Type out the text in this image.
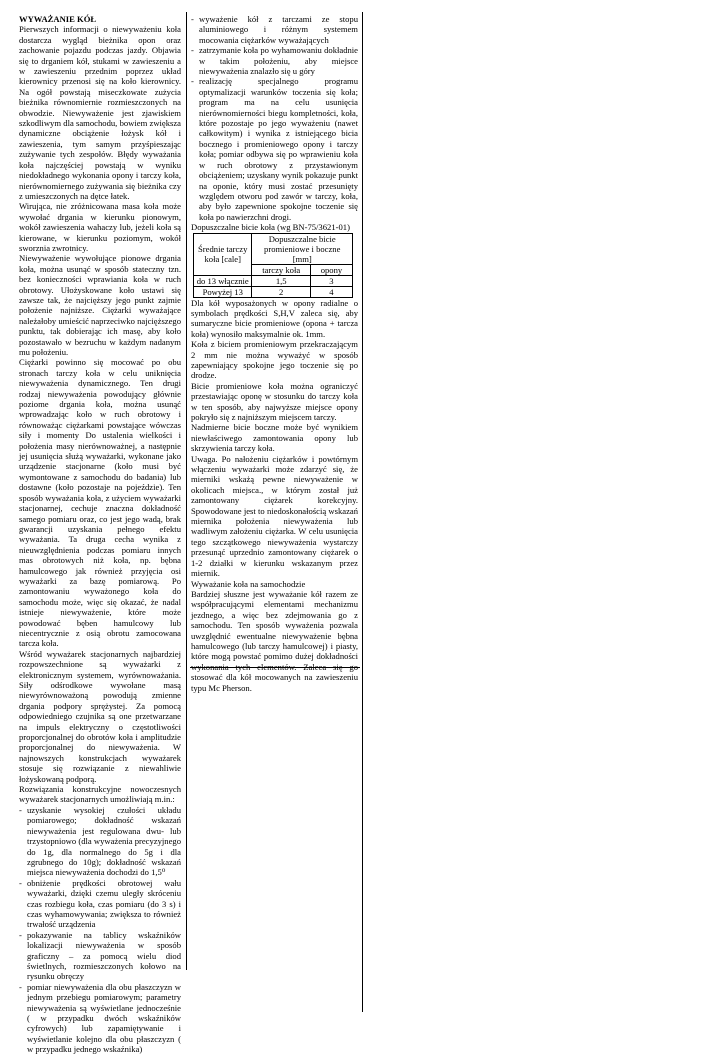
WYWAŻANIE KÓŁ

Pierwszych informacji o niewyważeniu koła dostarcza wygląd bieżnika opon oraz zachowanie pojazdu podczas jazdy. Objawia się to drganiem kół, stukami w zawieszeniu a w zawieszeniu przednim poprzez układ kierownicy przenosi się na koło kierownicy. Na ogół powstają miseczkowate zużycia bieżnika równomiernie rozmieszczonych na obwodzie. Niewyważenie jest zjawiskiem szkodliwym dla samochodu, bowiem zwiększa dynamiczne obciążenie łożysk kół i zawieszenia, tym samym przyśpieszając zużywanie tych zespołów. Błędy wyważania koła najczęściej powstają w wyniku niedokładnego wykonania opony i tarczy koła, nierównomiernego zużywania się bieżnika czy z umieszczonych na dętce łatek.

Wirująca, nie zróżnicowana masa koła może wywołać drgania w kierunku pionowym, wokół zawieszenia wahaczy lub, jeżeli koła są kierowane, w kierunku poziomym, wokół sworznia zwrotnicy.

Niewyważenie wywołujące pionowe drgania koła, można usunąć w sposób stateczny tzn. bez konieczności wprawiania koła w ruch obrotowy. Ułożyskowane koło ustawi się zawsze tak, że najcięższy jego punkt zajmie położenie najniższe. Ciężarki wyważające należałoby umieścić naprzeciwko najcięższego punktu, tak dobierając ich masę, aby koło pozostawało w bezruchu w każdym nadanym mu położeniu.

Ciężarki powinno się mocować po obu stronach tarczy koła w celu uniknięcia niewyważenia dynamicznego. Ten drugi rodzaj niewyważenia powodujący głównie poziome drgania koła, można usunąć wprowadzając koło w ruch obrotowy i równoważąc ciężarkami powstające wówczas siły i momenty Do ustalenia wielkości i położenia masy nierównoważnej, a następnie jej usunięcia służą wyważarki, wykonane jako urządzenie stacjonarne (koło musi być wymontowane z samochodu do badania) lub dostawne (koło pozostaje na pojeździe). Ten sposób wyważania koła, z użyciem wyważarki stacjonarnej, cechuje znaczna dokładność samego pomiaru oraz, co jest jego wadą, brak gwarancji uzyskania pełnego efektu wyważania. Ta druga cecha wynika z nieuwzględnienia podczas pomiaru innych mas obrotowych niż koła, np. bębna hamulcowego jak również przyjęcia osi wyważarki za bazę pomiarową. Po zamontowaniu wyważonego koła do samochodu może, więc się okazać, że nadal istnieje niewyważenie, które może powodować bęben hamulcowy lub niecentrycznie z osią obrotu zamocowana tarcza koła.

Wśród wyważarek stacjonarnych najbardziej rozpowszechnione są wyważarki z elektronicznym systemem, wyrównoważania. Siły odśrodkowe wywołane masą niewyrównoważoną powodują zmienne drgania podpory sprężystej. Za pomocą odpowiedniego czujnika są one przetwarzane na impuls elektryczny o częstotliwości proporcjonalnej do obrotów koła i amplitudzie proporcjonalnej do niewyważenia. W najnowszych konstrukcjach wyważarek stosuje się rozwiązanie z niewahliwie łożyskowaną podporą.

Rozwiązania konstrukcyjne nowoczesnych wyważarek stacjonarnych umożliwiają m.in.:

- uzyskanie wysokiej czułości układu pomiarowego; dokładność wskazań niewyważenia jest regulowana dwu- lub trzystopniowo (dla wyważenia precyzyjnego do 1g, dla normalnego do 5g i dla zgrubnego do 10g); dokładność wskazań miejsca niewyważenia dochodzi do 1,5⁰
- obniżenie prędkości obrotowej wału wyważarki, dzięki czemu uległy skróceniu czas rozbiegu koła, czas pomiaru (do 3 s) i czas wyhamowywania; zwiększa to również trwałość urządzenia
- pokazywanie na tablicy wskaźników lokalizacji niewyważenia w sposób graficzny – za pomocą wielu diod świetlnych, rozmieszczonych kołowo na rysunku obręczy
- pomiar niewyważenia dla obu płaszczyzn w jednym przebiegu pomiarowym; parametry niewyważenia są wyświetlane jednocześnie ( w przypadku dwóch wskaźników cyfrowych) lub zapamiętywanie i wyświetlanie kolejno dla obu płaszczyzn ( w przypadku jednego wskaźnika)
- wyważenie kół z tarczami ze stopu aluminiowego i różnym systemem mocowania ciężarków wyważających
- zatrzymanie koła po wyhamowaniu dokładnie w takim położeniu, aby miejsce niewyważenia znalazło się u góry
- realizację specjalnego programu optymalizacji warunków toczenia się koła; program ma na celu usunięcia nierównomierności biegu kompletności, koła, które pozostaje po jego wyważeniu (nawet całkowitym) i wynika z istniejącego bicia bocznego i promieniowego opony i tarczy koła; pomiar odbywa się po wprawieniu koła w ruch obrotowy z przystawionym obciążeniem; uzyskany wynik pokazuje punkt na oponie, który musi zostać przesunięty względem otworu pod zawór w tarczy, koła, aby było zapewnione spokojne toczenie się koła po nawierzchni drogi.

Dopuszczalne bicie koła (wg BN-75/3621-01)

Średnie tarczy koła [cale]	Dopuszczalne bicie promieniowe i boczne [mm]	
	tarczy koła	opony
do 13 włącznie	1,5	3
Powyżej 13	2	4

Dla kół wyposażonych w opony radialne o symbolach prędkości S,H,V zaleca się, aby sumaryczne bicie promieniowe (opona + tarcza koła) wynosiło maksymalnie ok. 1mm.

Koła z biciem promieniowym przekraczającym 2 mm nie można wyważyć w sposób zapewniający spokojne jego toczenie się po drodze.

Bicie promieniowe koła można ograniczyć przestawiając oponę w stosunku do tarczy koła w ten sposób, aby najwyższe miejsce opony pokryło się z najniższym miejscem tarczy.

Nadmierne bicie boczne może być wynikiem niewłaściwego zamontowania opony lub skrzywienia tarczy koła.

Uwaga. Po nałożeniu ciężarków i powtórnym włączeniu wyważarki może zdarzyć się, że mierniki wskażą pewne niewyważenie w okolicach miejsca., w którym został już zamontowany ciężarek korekcyjny. Spowodowane jest to niedoskonałością wskazań miernika położenia niewyważenia lub wadliwym założeniu ciężarka. W celu usunięcia tego szczątkowego niewyważenia wystarczy przesunąć uprzednio zamontowany ciężarek o 1-2 działki w kierunku wskazanym przez miernik.

Wyważanie koła na samochodzie

Bardziej słuszne jest wyważanie kół razem ze współpracującymi elementami mechanizmu jezdnego, a więc bez zdejmowania go z samochodu. Ten sposób wyważenia pozwala uwzględnić ewentualne niewyważenie bębna hamulcowego (lub tarczy hamulcowej) i piasty, które mogą powstać pomimo dużej dokładności wykonania tych elementów. Zaleca się go stosować dla kół mocowanych na zawieszeniu typu Mc Pherson.
